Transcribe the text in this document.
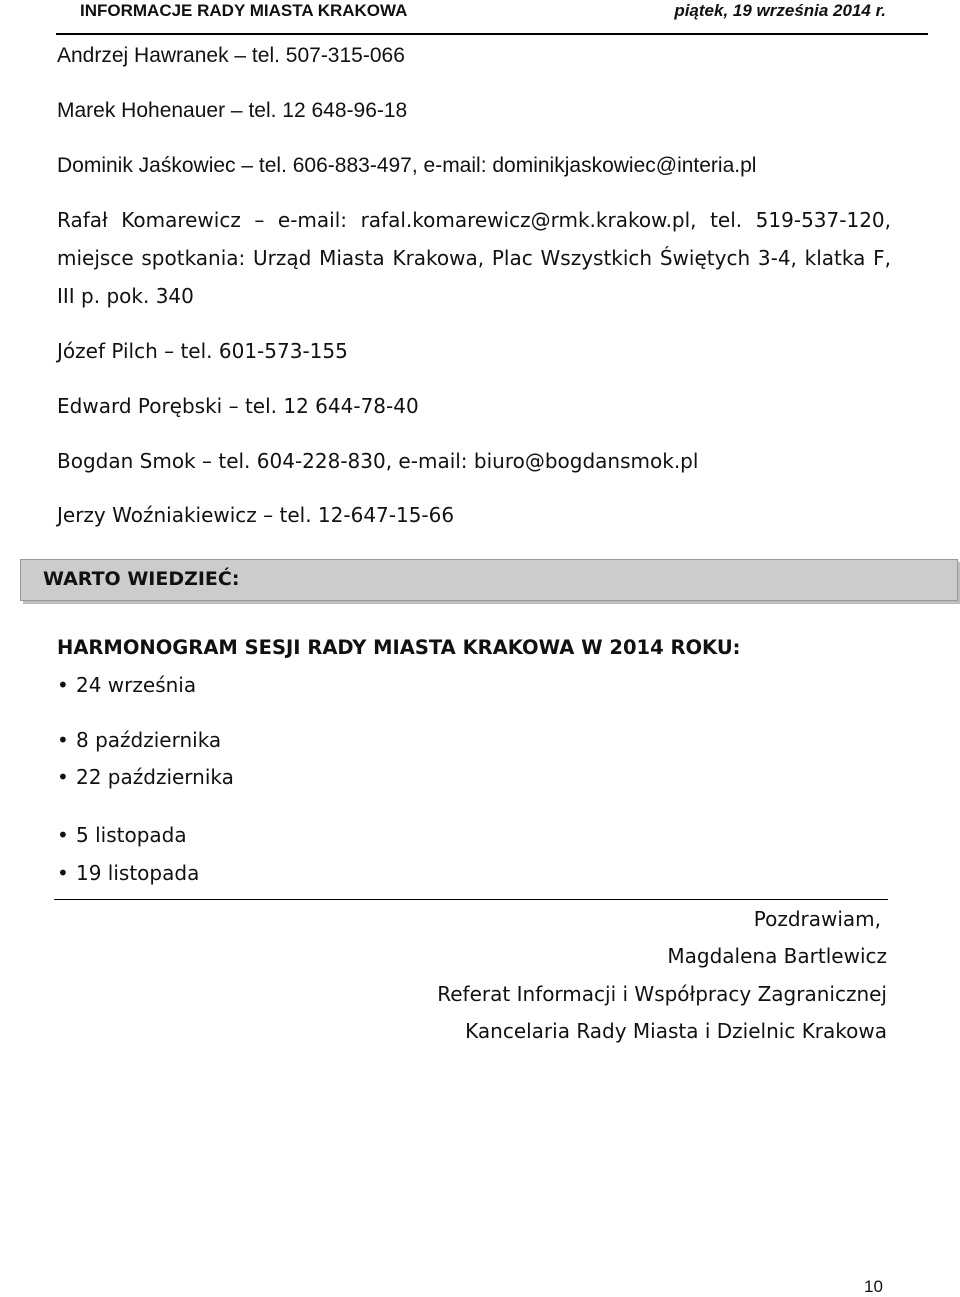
INFORMACJE RADY MIASTA KRAKOWA	piątek, 19 września 2014 r.
Andrzej Hawranek – tel. 507-315-066
Marek Hohenauer – tel. 12 648-96-18
Dominik Jaśkowiec – tel. 606-883-497, e-mail: dominikjaskowiec@interia.pl
Rafał Komarewicz – e-mail: rafal.komarewicz@rmk.krakow.pl, tel. 519-537-120, miejsce spotkania: Urząd Miasta Krakowa, Plac Wszystkich Świętych 3-4, klatka F, III p. pok. 340
Józef Pilch – tel. 601-573-155
Edward Porębski – tel. 12 644-78-40
Bogdan Smok – tel. 604-228-830, e-mail: biuro@bogdansmok.pl
Jerzy Woźniakiewicz – tel. 12-647-15-66
WARTO WIEDZIEĆ:
HARMONOGRAM SESJI RADY MIASTA KRAKOWA W 2014 ROKU:
• 24 września
• 8 października
• 22 października
• 5 listopada
• 19 listopada
Pozdrawiam,
Magdalena Bartlewicz
Referat Informacji i Współpracy Zagranicznej
Kancelaria Rady Miasta i Dzielnic Krakowa
10
